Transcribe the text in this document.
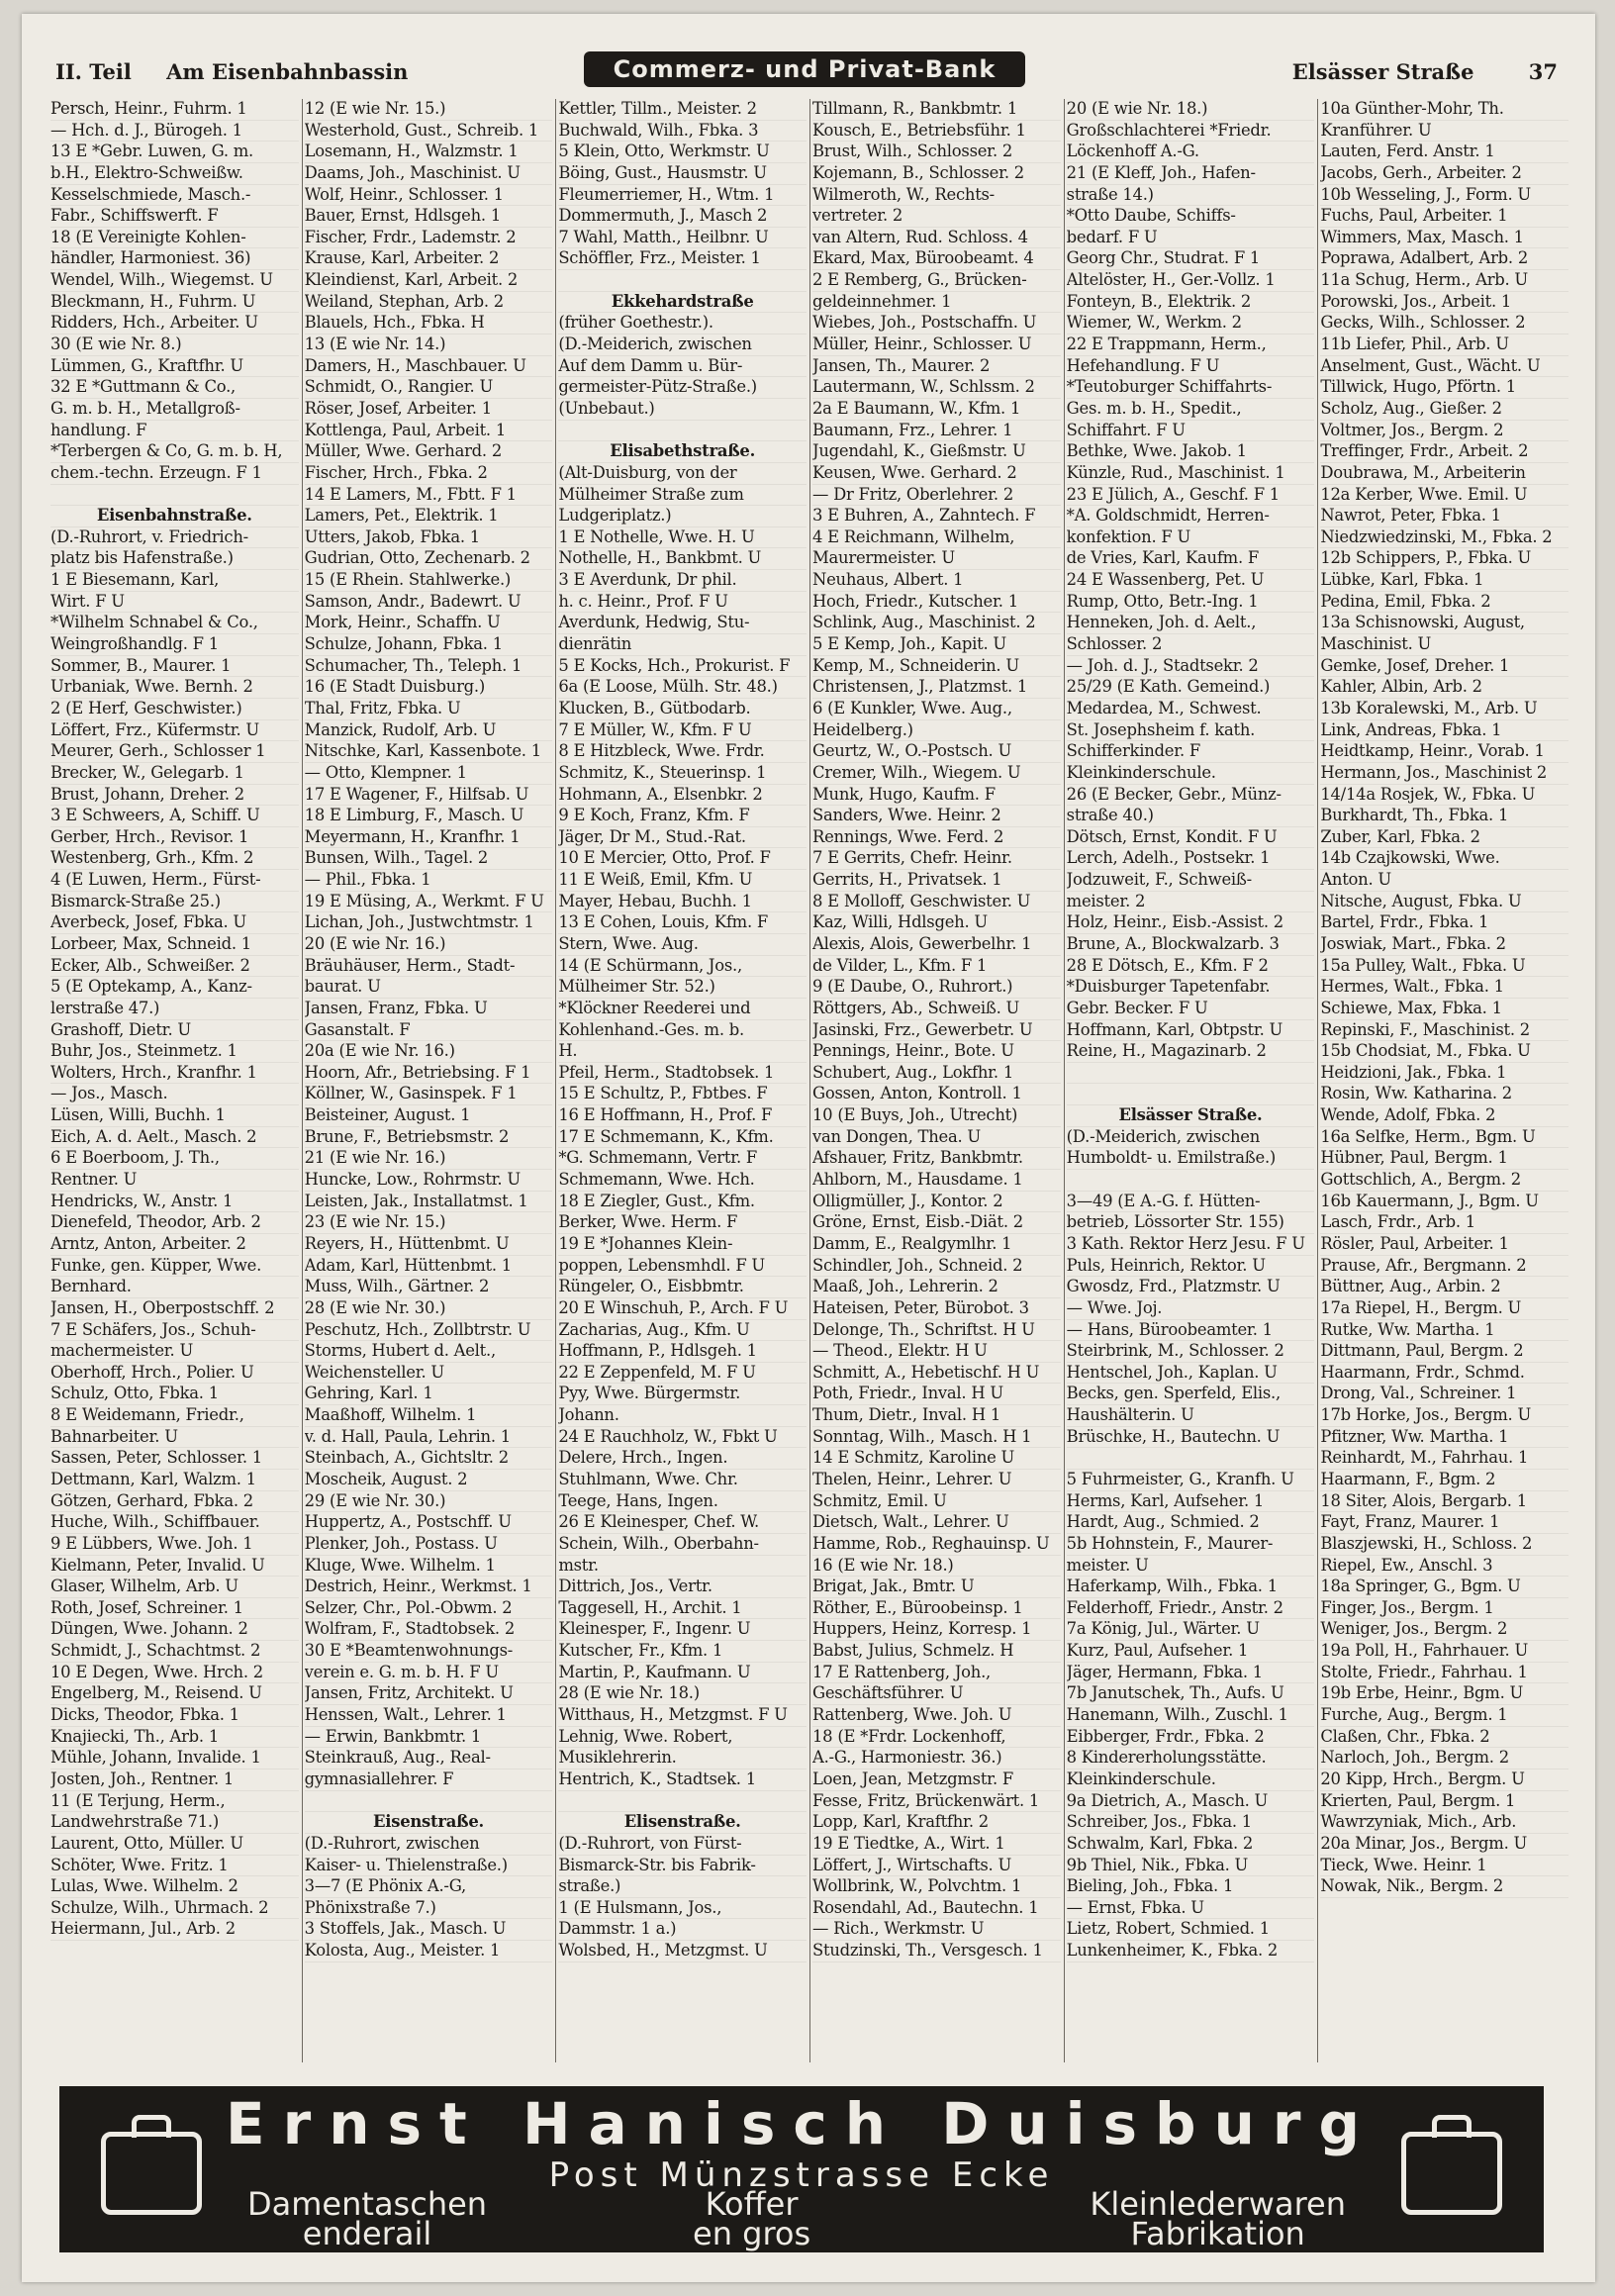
II. Teil Am Eisenbahnbassin	Commerz- und Privat-Bank	Elsässer Straße	37
Persch, Heinr., Fuhrm. 1
— Hch. d. J., Bürogeh. 1
13 E *Gebr. Luwen, G. m.
b.H., Elektro-Schweißw.
Kesselschmiede, Masch.-
Fabr., Schiffswerft. F
18 (E Vereinigte Kohlen-
händler, Harmoniest. 36)
Wendel, Wilh., Wiegemst. U
Bleckmann, H., Fuhrm. U
Ridders, Hch., Arbeiter. U
30 (E wie Nr. 8.)
Lümmen, G., Kraftfhr. U
32 E *Guttmann & Co.,
G. m. b. H., Metallgroß-
handlung. F
*Terbergen & Co, G. m. b. H,
chem.-techn. Erzeugn. F 1
Eisenbahnstraße.
(D.-Ruhrort, v. Friedrich-
platz bis Hafenstraße.)
1 E Biesemann, Karl,
Wirt. F U
*Wilhelm Schnabel & Co.,
Weingroßhandlg. F 1
Sommer, B., Maurer. 1
Urbaniak, Wwe. Bernh. 2
2 (E Herf, Geschwister.)
Löffert, Frz., Küfermstr. U
Meurer, Gerh., Schlosser 1
Brecker, W., Gelegarb. 1
Brust, Johann, Dreher. 2
3 E Schweers, A, Schiff. U
Gerber, Hrch., Revisor. 1
Westenberg, Grh., Kfm. 2
4 (E Luwen, Herm., Fürst-
Bismarck-Straße 25.)
Averbeck, Josef, Fbka. U
Lorbeer, Max, Schneid. 1
Ecker, Alb., Schweißer. 2
5 (E Optekamp, A., Kanz-
lerstraße 47.)
Grashoff, Dietr. U
Buhr, Jos., Steinmetz. 1
Wolters, Hrch., Kranfhr. 1
— Jos., Masch.
Lüsen, Willi, Buchh. 1
Eich, A. d. Aelt., Masch. 2
6 E Boerboom, J. Th.,
Rentner. U
Hendricks, W., Anstr. 1
Dienefeld, Theodor, Arb. 2
Arntz, Anton, Arbeiter. 2
Funke, gen. Küpper, Wwe.
Bernhard.
Jansen, H., Oberpostschff. 2
7 E Schäfers, Jos., Schuh-
machermeister. U
Oberhoff, Hrch., Polier. U
Schulz, Otto, Fbka. 1
8 E Weidemann, Friedr.,
Bahnarbeiter. U
Sassen, Peter, Schlosser. 1
Dettmann, Karl, Walzm. 1
Götzen, Gerhard, Fbka. 2
Huche, Wilh., Schiffbauer.
9 E Lübbers, Wwe. Joh. 1
Kielmann, Peter, Invalid. U
Glaser, Wilhelm, Arb. U
Roth, Josef, Schreiner. 1
Düngen, Wwe. Johann. 2
Schmidt, J., Schachtmst. 2
10 E Degen, Wwe. Hrch. 2
Engelberg, M., Reisend. U
Dicks, Theodor, Fbka. 1
Knajiecki, Th., Arb. 1
Mühle, Johann, Invalide. 1
Josten, Joh., Rentner. 1
11 (E Terjung, Herm.,
Landwehrstraße 71.)
Laurent, Otto, Müller. U
Schöter, Wwe. Fritz. 1
Lulas, Wwe. Wilhelm. 2
Schulze, Wilh., Uhrmach. 2
Heiermann, Jul., Arb. 2
12 (E wie Nr. 15.)
Westerhold, Gust., Schreib. 1
Losemann, H., Walzmstr. 1
Daams, Joh., Maschinist. U
Wolf, Heinr., Schlosser. 1
Bauer, Ernst, Hdlsgeh. 1
Fischer, Frdr., Lademstr. 2
Krause, Karl, Arbeiter. 2
Kleindienst, Karl, Arbeit. 2
Weiland, Stephan, Arb. 2
Blauels, Hch., Fbka. H
13 (E wie Nr. 14.)
Damers, H., Maschbauer. U
Schmidt, O., Rangier. U
Röser, Josef, Arbeiter. 1
Kottlenga, Paul, Arbeit. 1
Müller, Wwe. Gerhard. 2
Fischer, Hrch., Fbka. 2
14 E Lamers, M., Fbtt. F 1
Lamers, Pet., Elektrik. 1
Utters, Jakob, Fbka. 1
Gudrian, Otto, Zechenarb. 2
15 (E Rhein. Stahlwerke.)
Samson, Andr., Badewrt. U
Mork, Heinr., Schaffn. U
Schulze, Johann, Fbka. 1
Schumacher, Th., Teleph. 1
16 (E Stadt Duisburg.)
Thal, Fritz, Fbka. U
Manzick, Rudolf, Arb. U
Nitschke, Karl, Kassenbote. 1
— Otto, Klempner. 1
17 E Wagener, F., Hilfsab. U
18 E Limburg, F., Masch. U
Meyermann, H., Kranfhr. 1
Bunsen, Wilh., Tagel. 2
— Phil., Fbka. 1
19 E Müsing, A., Werkmt. F U
Lichan, Joh., Justwchtmstr. 1
20 (E wie Nr. 16.)
Bräuhäuser, Herm., Stadt-
baurat. U
Jansen, Franz, Fbka. U
Gasanstalt. F
20a (E wie Nr. 16.)
Hoorn, Afr., Betriebsing. F 1
Köllner, W., Gasinspek. F 1
Beisteiner, August. 1
Brune, F., Betriebsmstr. 2
21 (E wie Nr. 16.)
Huncke, Low., Rohrmstr. U
Leisten, Jak., Installatmst. 1
23 (E wie Nr. 15.)
Reyers, H., Hüttenbmt. U
Adam, Karl, Hüttenbmt. 1
Muss, Wilh., Gärtner. 2
28 (E wie Nr. 30.)
Peschutz, Hch., Zollbtrstr. U
Storms, Hubert d. Aelt.,
Weichensteller. U
Gehring, Karl. 1
Maaßhoff, Wilhelm. 1
v. d. Hall, Paula, Lehrin. 1
Steinbach, A., Gichtsltr. 2
Moscheik, August. 2
29 (E wie Nr. 30.)
Huppertz, A., Postschff. U
Plenker, Joh., Postass. U
Kluge, Wwe. Wilhelm. 1
Destrich, Heinr., Werkmst. 1
Selzer, Chr., Pol.-Obwm. 2
Wolfram, F., Stadtobsek. 2
30 E *Beamtenwohnungs-
verein e. G. m. b. H. F U
Jansen, Fritz, Architekt. U
Henssen, Walt., Lehrer. 1
— Erwin, Bankbmtr. 1
Steinkrauß, Aug., Real-
gymnasiallehrer. F
Eisenstraße.
(D.-Ruhrort, zwischen
Kaiser- u. Thielenstraße.)
3—7 (E Phönix A.-G,
Phönixstraße 7.)
3 Stoffels, Jak., Masch. U
Kolosta, Aug., Meister. 1
Kettler, Tillm., Meister. 2
Buchwald, Wilh., Fbka. 3
5 Klein, Otto, Werkmstr. U
Böing, Gust., Hausmstr. U
Fleumerriemer, H., Wtm. 1
Dommermuth, J., Masch 2
7 Wahl, Matth., Heilbnr. U
Schöffler, Frz., Meister. 1
Ekkehardstraße
(früher Goethestr.).
(D.-Meiderich, zwischen
Auf dem Damm u. Bür-
germeister-Pütz-Straße.)
(Unbebaut.)
Elisabethstraße.
(Alt-Duisburg, von der
Mülheimer Straße zum
Ludgeriplatz.)
1 E Nothelle, Wwe. H. U
Nothelle, H., Bankbmt. U
3 E Averdunk, Dr phil.
h. c. Heinr., Prof. F U
Averdunk, Hedwig, Stu-
dienrätin
5 E Kocks, Hch., Prokurist. F
6a (E Loose, Mülh. Str. 48.)
Klucken, B., Gütbodarb.
7 E Müller, W., Kfm. F U
8 E Hitzbleck, Wwe. Frdr.
Schmitz, K., Steuerinsp. 1
Hohmann, A., Elsenbkr. 2
9 E Koch, Franz, Kfm. F
Jäger, Dr M., Stud.-Rat.
10 E Mercier, Otto, Prof. F
11 E Weiß, Emil, Kfm. U
Mayer, Hebau, Buchh. 1
13 E Cohen, Louis, Kfm. F
Stern, Wwe. Aug.
14 (E Schürmann, Jos.,
Mülheimer Str. 52.)
*Klöckner Reederei und
Kohlenhand.-Ges. m. b.
H.
Pfeil, Herm., Stadtobsek. 1
15 E Schultz, P., Fbtbes. F
16 E Hoffmann, H., Prof. F
17 E Schmemann, K., Kfm.
*G. Schmemann, Vertr. F
Schmemann, Wwe. Hch.
18 E Ziegler, Gust., Kfm.
Berker, Wwe. Herm. F
19 E *Johannes Klein-
poppen, Lebensmhdl. F U
Rüngeler, O., Eisbbmtr.
20 E Winschuh, P., Arch. F U
Zacharias, Aug., Kfm. U
Hoffmann, P., Hdlsgeh. 1
22 E Zeppenfeld, M. F U
Pyy, Wwe. Bürgermstr.
Johann.
24 E Rauchholz, W., Fbkt U
Delere, Hrch., Ingen.
Stuhlmann, Wwe. Chr.
Teege, Hans, Ingen.
26 E Kleinesper, Chef. W.
Schein, Wilh., Oberbahn-
mstr.
Dittrich, Jos., Vertr.
Taggesell, H., Archit. 1
Kleinesper, F., Ingenr. U
Kutscher, Fr., Kfm. 1
Martin, P., Kaufmann. U
28 (E wie Nr. 18.)
Witthaus, H., Metzgmst. F U
Lehnig, Wwe. Robert,
Musiklehrerin.
Hentrich, K., Stadtsek. 1
Elisenstraße.
(D.-Ruhrort, von Fürst-
Bismarck-Str. bis Fabrik-
straße.)
1 (E Hulsmann, Jos.,
Dammstr. 1 a.)
Wolsbed, H., Metzgmst. U
Tillmann, R., Bankbmtr. 1
Kousch, E., Betriebsführ. 1
Brust, Wilh., Schlosser. 2
Kojemann, B., Schlosser. 2
Wilmeroth, W., Rechts-
vertreter. 2
van Altern, Rud. Schloss. 4
Ekard, Max, Büroobeamt. 4
2 E Remberg, G., Brücken-
geldeinnehmer. 1
Wiebes, Joh., Postschaffn. U
Müller, Heinr., Schlosser. U
Jansen, Th., Maurer. 2
Lautermann, W., Schlssm. 2
2a E Baumann, W., Kfm. 1
Baumann, Frz., Lehrer. 1
Jugendahl, K., Gießmstr. U
Keusen, Wwe. Gerhard. 2
— Dr Fritz, Oberlehrer. 2
3 E Buhren, A., Zahntech. F
4 E Reichmann, Wilhelm,
Maurermeister. U
Neuhaus, Albert. 1
Hoch, Friedr., Kutscher. 1
Schlink, Aug., Maschinist. 2
5 E Kemp, Joh., Kapit. U
Kemp, M., Schneiderin. U
Christensen, J., Platzmst. 1
6 (E Kunkler, Wwe. Aug.,
Heidelberg.)
Geurtz, W., O.-Postsch. U
Cremer, Wilh., Wiegem. U
Munk, Hugo, Kaufm. F
Sanders, Wwe. Heinr. 2
Rennings, Wwe. Ferd. 2
7 E Gerrits, Chefr. Heinr.
Gerrits, H., Privatsek. 1
8 E Molloff, Geschwister. U
Kaz, Willi, Hdlsgeh. U
Alexis, Alois, Gewerbelhr. 1
de Vilder, L., Kfm. F 1
9 (E Daube, O., Ruhrort.)
Röttgers, Ab., Schweiß. U
Jasinski, Frz., Gewerbetr. U
Pennings, Heinr., Bote. U
Schubert, Aug., Lokfhr. 1
Gossen, Anton, Kontroll. 1
10 (E Buys, Joh., Utrecht)
van Dongen, Thea. U
Afshauer, Fritz, Bankbmtr.
Ahlborn, M., Hausdame. 1
Olligmüller, J., Kontor. 2
Gröne, Ernst, Eisb.-Diät. 2
Damm, E., Realgymlhr. 1
Schindler, Joh., Schneid. 2
Maaß, Joh., Lehrerin. 2
Hateisen, Peter, Bürobot. 3
Delonge, Th., Schriftst. H U
— Theod., Elektr. H U
Schmitt, A., Hebetischf. H U
Poth, Friedr., Inval. H U
Thum, Dietr., Inval. H 1
Sonntag, Wilh., Masch. H 1
14 E Schmitz, Karoline U
Thelen, Heinr., Lehrer. U
Schmitz, Emil. U
Dietsch, Walt., Lehrer. U
Hamme, Rob., Reghauinsp. U
16 (E wie Nr. 18.)
Brigat, Jak., Bmtr. U
Röther, E., Büroobeinsp. 1
Huppers, Heinz, Korresp. 1
Babst, Julius, Schmelz. H
17 E Rattenberg, Joh.,
Geschäftsführer. U
Rattenberg, Wwe. Joh. U
18 (E *Frdr. Lockenhoff,
A.-G., Harmoniestr. 36.)
Loen, Jean, Metzgmstr. F
Fesse, Fritz, Brückenwärt. 1
Lopp, Karl, Kraftfhr. 2
19 E Tiedtke, A., Wirt. 1
Löffert, J., Wirtschafts. U
Wollbrink, W., Polvchtm. 1
Rosendahl, Ad., Bautechn. 1
— Rich., Werkmstr. U
Studzinski, Th., Versgesch. 1
20 (E wie Nr. 18.)
Großschlachterei *Friedr.
Löckenhoff A.-G.
21 (E Kleff, Joh., Hafen-
straße 14.)
*Otto Daube, Schiffs-
bedarf. F U
Georg Chr., Studrat. F 1
Altelöster, H., Ger.-Vollz. 1
Fonteyn, B., Elektrik. 2
Wiemer, W., Werkm. 2
22 E Trappmann, Herm.,
Hefehandlung. F U
*Teutoburger Schiffahrts-
Ges. m. b. H., Spedit.,
Schiffahrt. F U
Bethke, Wwe. Jakob. 1
Künzle, Rud., Maschinist. 1
23 E Jülich, A., Geschf. F 1
*A. Goldschmidt, Herren-
konfektion. F U
de Vries, Karl, Kaufm. F
24 E Wassenberg, Pet. U
Rump, Otto, Betr.-Ing. 1
Henneken, Joh. d. Aelt.,
Schlosser. 2
— Joh. d. J., Stadtsekr. 2
25/29 (E Kath. Gemeind.)
Medardea, M., Schwest.
St. Josephsheim f. kath.
Schifferkinder. F
Kleinkinderschule.
26 (E Becker, Gebr., Münz-
straße 40.)
Dötsch, Ernst, Kondit. F U
Lerch, Adelh., Postsekr. 1
Jodzuweit, F., Schweiß-
meister. 2
Holz, Heinr., Eisb.-Assist. 2
Brune, A., Blockwalzarb. 3
28 E Dötsch, E., Kfm. F 2
*Duisburger Tapetenfabr.
Gebr. Becker. F U
Hoffmann, Karl, Obtpstr. U
Reine, H., Magazinarb. 2
Elsässer Straße.
(D.-Meiderich, zwischen
Humboldt- u. Emilstraße.)
3—49 (E A.-G. f. Hütten-
betrieb, Lössorter Str. 155)
3 Kath. Rektor Herz Jesu. F U
Puls, Heinrich, Rektor. U
Gwosdz, Frd., Platzmstr. U
— Wwe. Joj.
— Hans, Büroobeamter. 1
Steirbrink, M., Schlosser. 2
Hentschel, Joh., Kaplan. U
Becks, gen. Sperfeld, Elis.,
Haushälterin. U
Brüschke, H., Bautechn. U
5 Fuhrmeister, G., Kranfh. U
Herms, Karl, Aufseher. 1
Hardt, Aug., Schmied. 2
5b Hohnstein, F., Maurer-
meister. U
Haferkamp, Wilh., Fbka. 1
Felderhoff, Friedr., Anstr. 2
7a König, Jul., Wärter. U
Kurz, Paul, Aufseher. 1
Jäger, Hermann, Fbka. 1
7b Janutschek, Th., Aufs. U
Hanemann, Wilh., Zuschl. 1
Eibberger, Frdr., Fbka. 2
8 Kindererholungsstätte.
Kleinkinderschule.
9a Dietrich, A., Masch. U
Schreiber, Jos., Fbka. 1
Schwalm, Karl, Fbka. 2
9b Thiel, Nik., Fbka. U
Bieling, Joh., Fbka. 1
— Ernst, Fbka. U
Lietz, Robert, Schmied. 1
Lunkenheimer, K., Fbka. 2
10a Günther-Mohr, Th.
Kranführer. U
Lauten, Ferd. Anstr. 1
Jacobs, Gerh., Arbeiter. 2
10b Wesseling, J., Form. U
Fuchs, Paul, Arbeiter. 1
Wimmers, Max, Masch. 1
Poprawa, Adalbert, Arb. 2
11a Schug, Herm., Arb. U
Porowski, Jos., Arbeit. 1
Gecks, Wilh., Schlosser. 2
11b Liefer, Phil., Arb. U
Anselment, Gust., Wächt. U
Tillwick, Hugo, Pförtn. 1
Scholz, Aug., Gießer. 2
Voltmer, Jos., Bergm. 2
Treffinger, Frdr., Arbeit. 2
Doubrawa, M., Arbeiterin
12a Kerber, Wwe. Emil. U
Nawrot, Peter, Fbka. 1
Niedzwiedzinski, M., Fbka. 2
12b Schippers, P., Fbka. U
Lübke, Karl, Fbka. 1
Pedina, Emil, Fbka. 2
13a Schisnowski, August,
Maschinist. U
Gemke, Josef, Dreher. 1
Kahler, Albin, Arb. 2
13b Koralewski, M., Arb. U
Link, Andreas, Fbka. 1
Heidtkamp, Heinr., Vorab. 1
Hermann, Jos., Maschinist 2
14/14a Rosjek, W., Fbka. U
Burkhardt, Th., Fbka. 1
Zuber, Karl, Fbka. 2
14b Czajkowski, Wwe.
Anton. U
Nitsche, August, Fbka. U
Bartel, Frdr., Fbka. 1
Joswiak, Mart., Fbka. 2
15a Pulley, Walt., Fbka. U
Hermes, Walt., Fbka. 1
Schiewe, Max, Fbka. 1
Repinski, F., Maschinist. 2
15b Chodsiat, M., Fbka. U
Heidzioni, Jak., Fbka. 1
Rosin, Ww. Katharina. 2
Wende, Adolf, Fbka. 2
16a Selfke, Herm., Bgm. U
Hübner, Paul, Bergm. 1
Gottschlich, A., Bergm. 2
16b Kauermann, J., Bgm. U
Lasch, Frdr., Arb. 1
Rösler, Paul, Arbeiter. 1
Prause, Afr., Bergmann. 2
Büttner, Aug., Arbin. 2
17a Riepel, H., Bergm. U
Rutke, Ww. Martha. 1
Dittmann, Paul, Bergm. 2
Haarmann, Frdr., Schmd.
Drong, Val., Schreiner. 1
17b Horke, Jos., Bergm. U
Pfitzner, Ww. Martha. 1
Reinhardt, M., Fahrhau. 1
Haarmann, F., Bgm. 2
18 Siter, Alois, Bergarb. 1
Fayt, Franz, Maurer. 1
Blaszjewski, H., Schloss. 2
Riepel, Ew., Anschl. 3
18a Springer, G., Bgm. U
Finger, Jos., Bergm. 1
Weniger, Jos., Bergm. 2
19a Poll, H., Fahrhauer. U
Stolte, Friedr., Fahrhau. 1
19b Erbe, Heinr., Bgm. U
Furche, Aug., Bergm. 1
Claßen, Chr., Fbka. 2
Narloch, Joh., Bergm. 2
20 Kipp, Hrch., Bergm. U
Krierten, Paul, Bergm. 1
Wawrzyniak, Mich., Arb.
20a Minar, Jos., Bergm. U
Tieck, Wwe. Heinr. 1
Nowak, Nik., Bergm. 2
Ernst Hanisch Duisburg
Post Münzstrasse Ecke
Damentaschen
enderail
Koffer
en gros
Kleinlederwaren
Fabrikation
